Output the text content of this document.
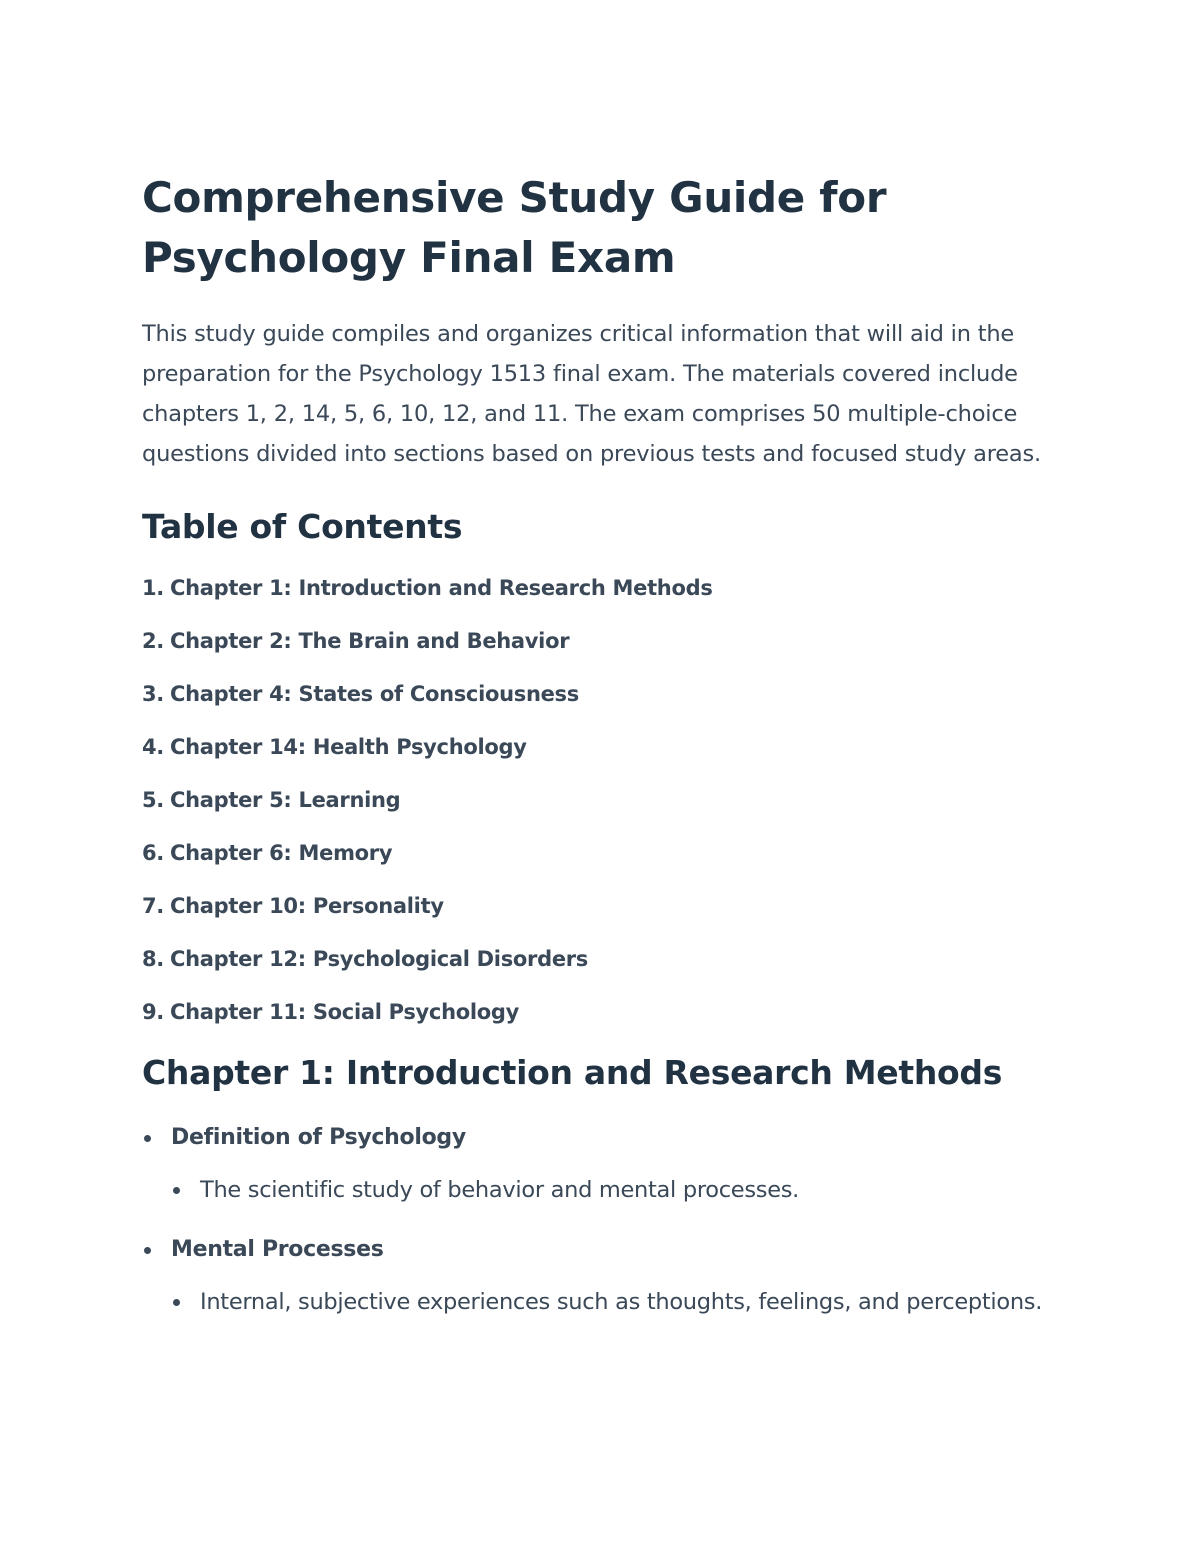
Comprehensive Study Guide for Psychology Final Exam

This study guide compiles and organizes critical information that will aid in the preparation for the Psychology 1513 final exam. The materials covered include chapters 1, 2, 14, 5, 6, 10, 12, and 11. The exam comprises 50 multiple-choice questions divided into sections based on previous tests and focused study areas.

Table of Contents
1. Chapter 1: Introduction and Research Methods
2. Chapter 2: The Brain and Behavior
3. Chapter 4: States of Consciousness
4. Chapter 14: Health Psychology
5. Chapter 5: Learning
6. Chapter 6: Memory
7. Chapter 10: Personality
8. Chapter 12: Psychological Disorders
9. Chapter 11: Social Psychology
Chapter 1: Introduction and Research Methods
Definition of Psychology
The scientific study of behavior and mental processes.
Mental Processes
Internal, subjective experiences such as thoughts, feelings, and perceptions.
